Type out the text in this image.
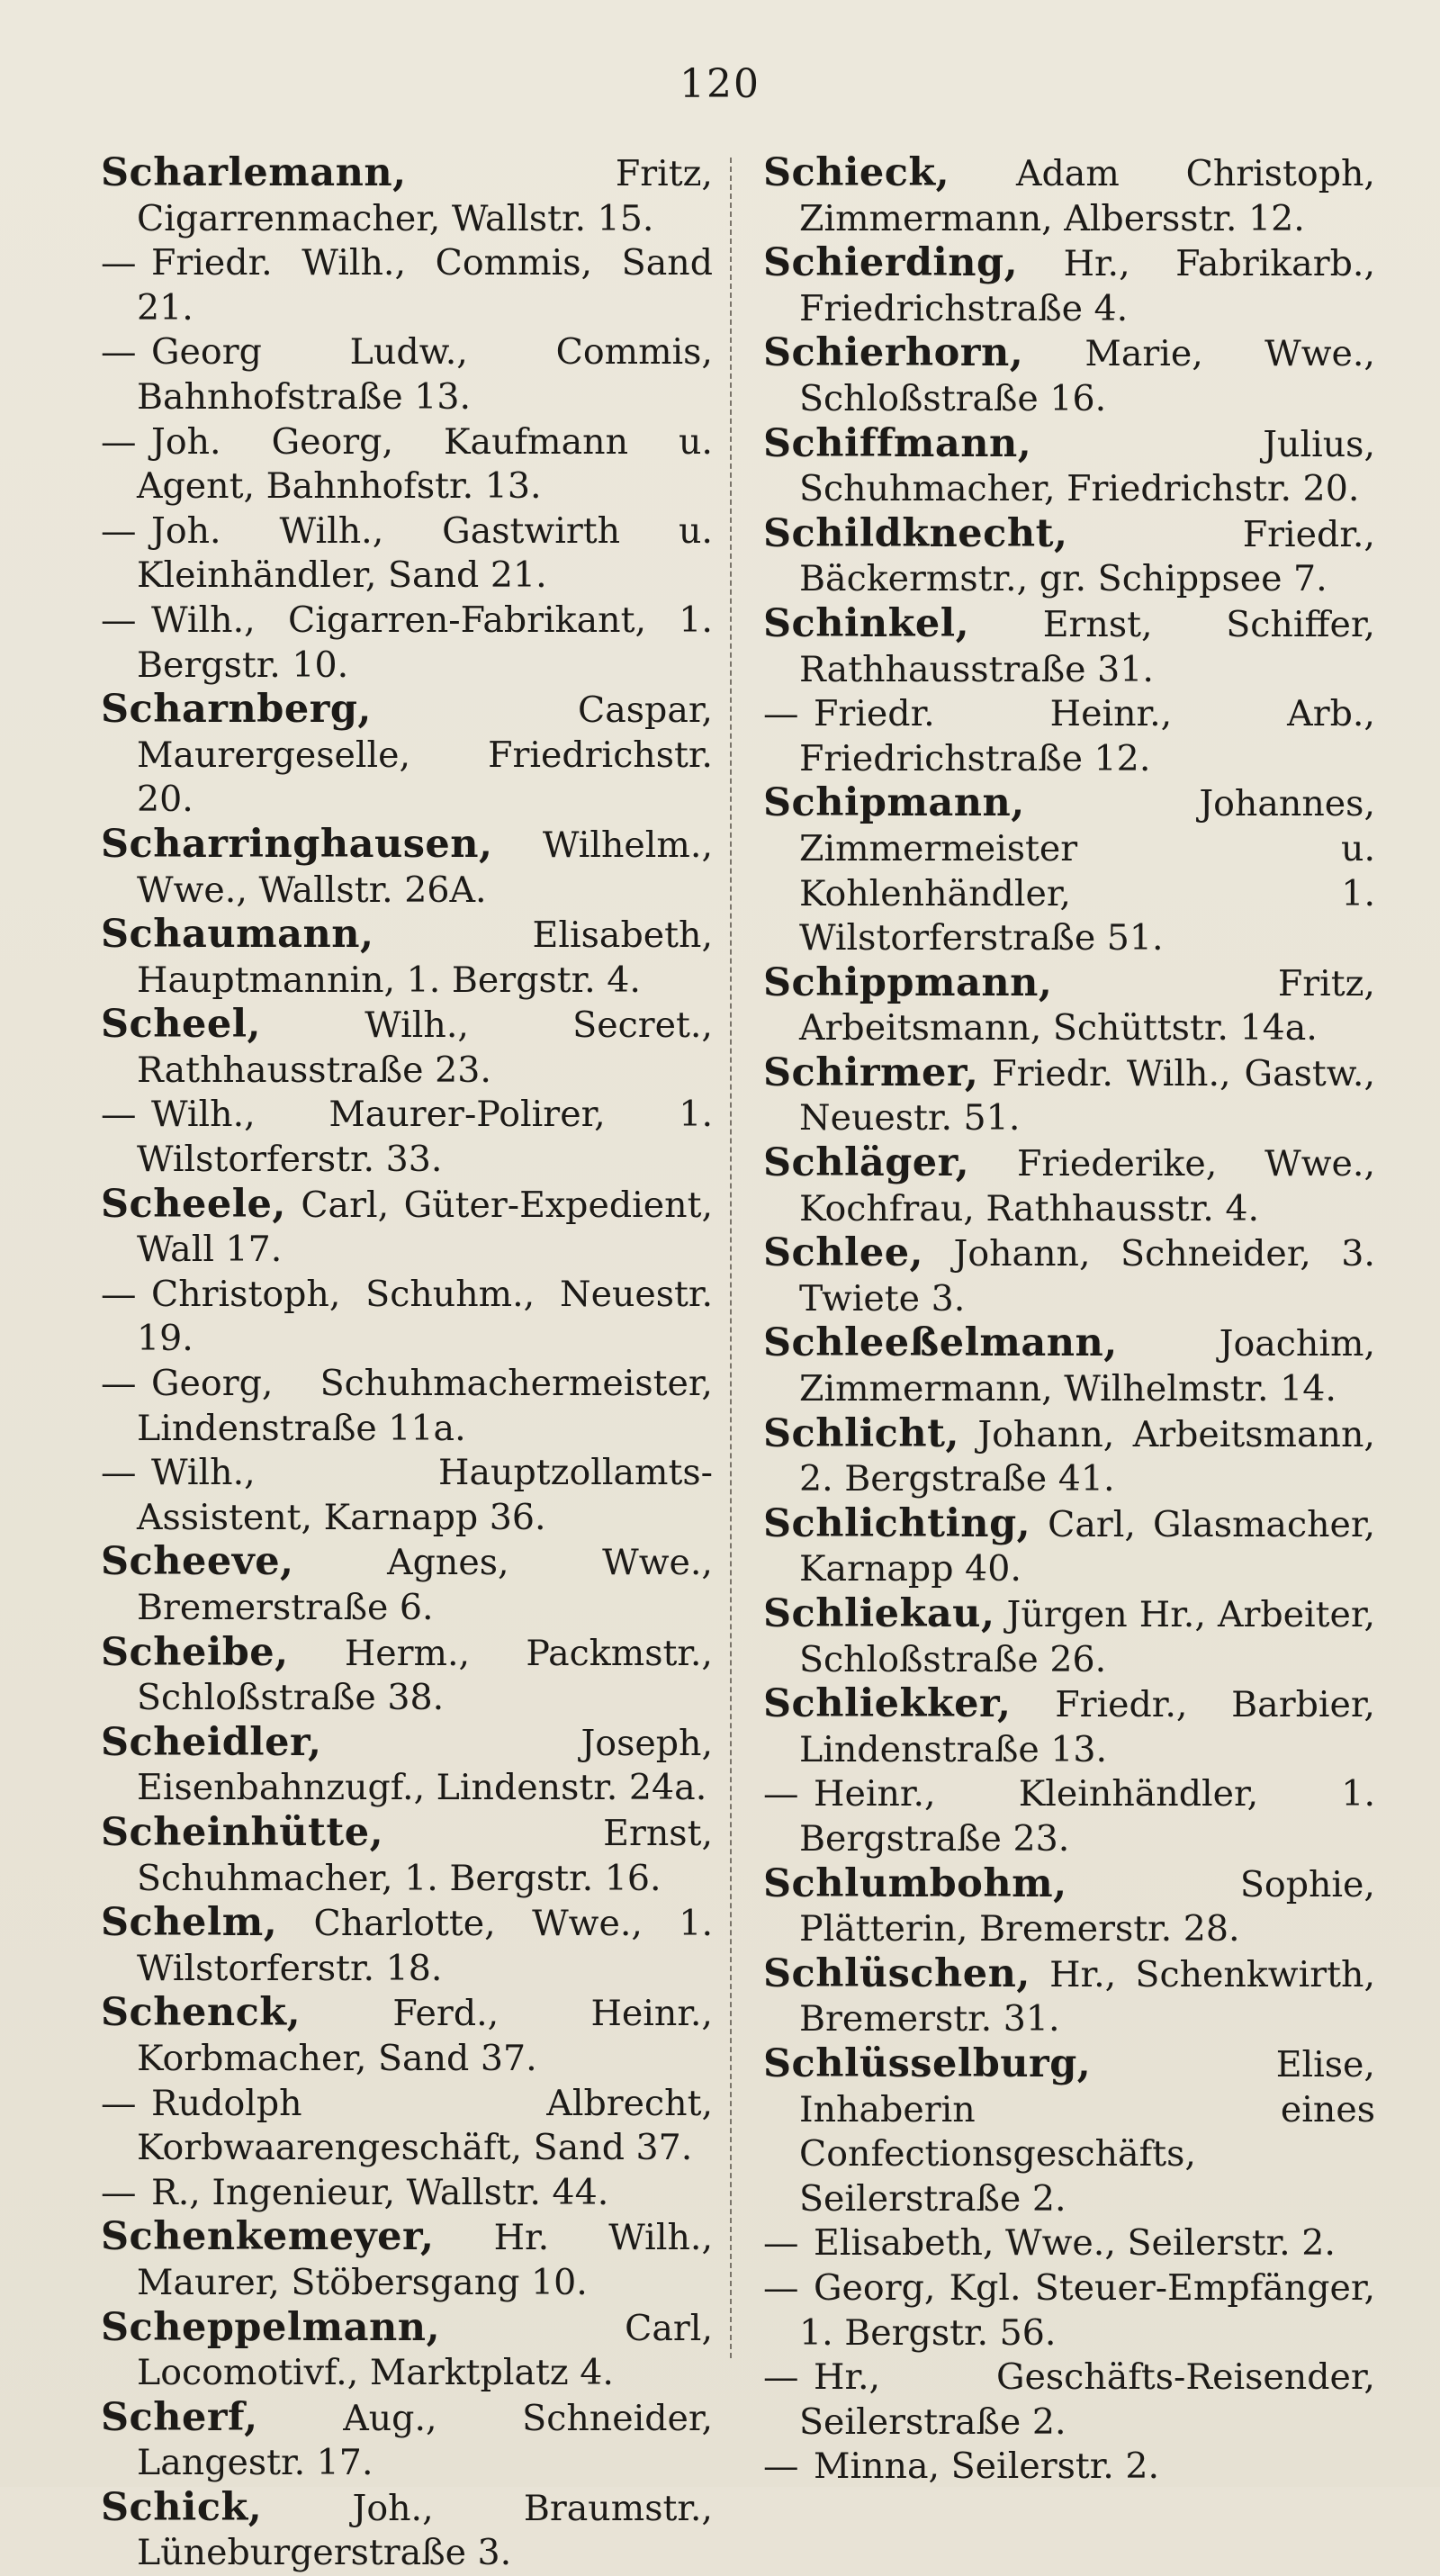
120
Scharlemann,	Fritz, Cigarrenmacher, Wallstr. 15.
— Friedr. Wilh., Commis, Sand 21.
— Georg Ludw., Commis, Bahnhofstraße 13.
— Joh. Georg, Kaufmann u. Agent, Bahnhofstr. 13.
— Joh. Wilh., Gastwirth u. Kleinhändler, Sand 21.
— Wilh., Cigarren-Fabrikant, 1. Bergstr. 10.
Scharnberg,	Caspar, Maurergeselle, Friedrichstr. 20.
Scharringhausen, Wilhelm., Wwe., Wallstr. 26A.
Schaumann,	Elisabeth, Hauptmannin, 1. Bergstr. 4.
Scheel,	Wilh., Secret., Rathhausstraße 23.
— Wilh., Maurer-Polirer, 1. Wilstorferstr. 33.
Scheele, Carl, Güter-Expedient, Wall 17.
— Christoph, Schuhm., Neuestr. 19.
— Georg, Schuhmachermeister, Lindenstraße 11a.
— Wilh., Hauptzollamts-Assistent, Karnapp 36.
Scheeve,	Agnes, Wwe., Bremerstraße 6.
Scheibe, Herm., Packmstr., Schloßstraße 38.
Scheidler,	Joseph, Eisenbahnzugf., Lindenstr. 24a.
Scheinhütte,	Ernst, Schuhmacher, 1. Bergstr. 16.
Schelm, Charlotte, Wwe., 1. Wilstorferstr. 18.
Schenck,	Ferd., Heinr., Korbmacher, Sand 37.
— Rudolph Albrecht, Korbwaarengeschäft, Sand 37.
— R., Ingenieur, Wallstr. 44.
Schenkemeyer, Hr. Wilh., Maurer, Stöbersgang 10.
Scheppelmann,	Carl, Locomotivf., Marktplatz 4.
Scherf, Aug., Schneider, Langestr. 17.
Schick,	Joh., Braumstr., Lüneburgerstraße 3.
Schieck, Adam Christoph, Zimmermann, Albersstr. 12.
Schierding, Hr., Fabrikarb., Friedrichstraße 4.
Schierhorn, Marie, Wwe., Schloßstraße 16.
Schiffmann,	Julius, Schuhmacher, Friedrichstr. 20.
Schildknecht,	Friedr., Bäckermstr., gr. Schippsee 7.
Schinkel, Ernst, Schiffer, Rathhausstraße 31.
— Friedr. Heinr., Arb., Friedrichstraße 12.
Schipmann,	Johannes, Zimmermeister u. Kohlenhändler, 1. Wilstorferstraße 51.
Schippmann,	Fritz, Arbeitsmann, Schüttstr. 14a.
Schirmer, Friedr. Wilh., Gastw., Neuestr. 51.
Schläger, Friederike, Wwe., Kochfrau, Rathhausstr. 4.
Schlee, Johann, Schneider, 3. Twiete 3.
Schleeßelmann,	Joachim, Zimmermann, Wilhelmstr. 14.
Schlicht, Johann, Arbeitsmann, 2. Bergstraße 41.
Schlichting, Carl, Glasmacher, Karnapp 40.
Schliekau, Jürgen Hr., Arbeiter, Schloßstraße 26.
Schliekker, Friedr., Barbier, Lindenstraße 13.
— Heinr., Kleinhändler, 1. Bergstraße 23.
Schlumbohm,	Sophie, Plätterin, Bremerstr. 28.
Schlüschen, Hr., Schenkwirth, Bremerstr. 31.
Schlüsselburg,	Elise, Inhaberin eines Confectionsgeschäfts, Seilerstraße 2.
— Elisabeth, Wwe., Seilerstr. 2.
— Georg, Kgl. Steuer-Empfänger, 1. Bergstr. 56.
— Hr., Geschäfts-Reisender, Seilerstraße 2.
— Minna, Seilerstr. 2.
